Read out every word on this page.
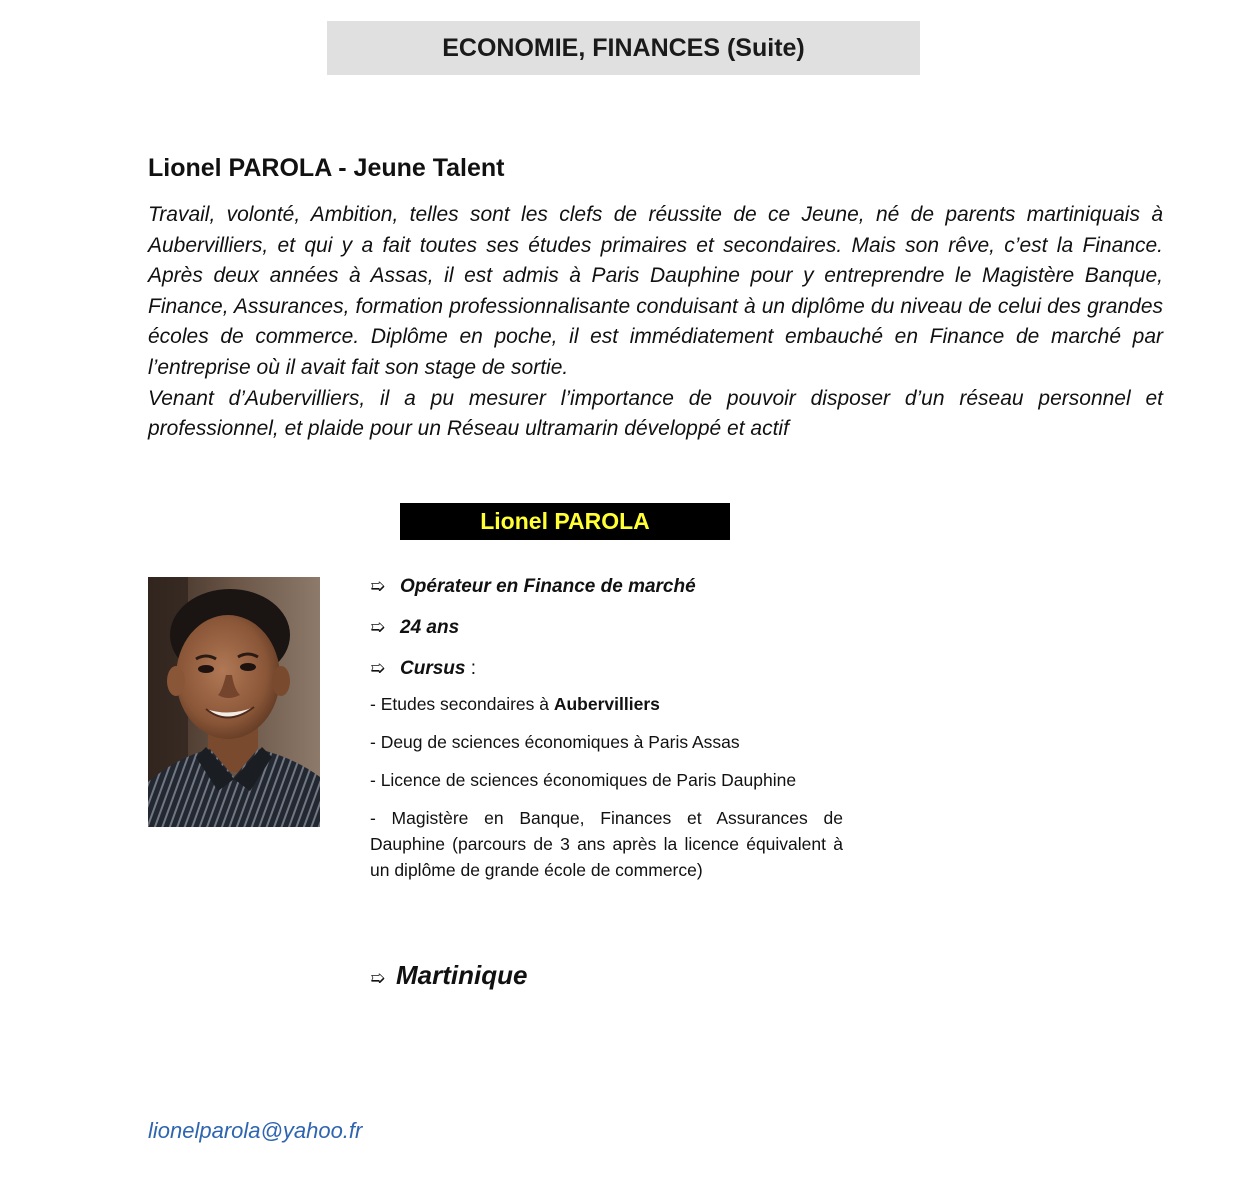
ECONOMIE, FINANCES (Suite)
Lionel PAROLA - Jeune Talent

Travail, volonté, Ambition, telles sont les clefs de réussite de ce Jeune, né de parents martiniquais à Aubervilliers, et qui y a fait toutes ses études primaires et secondaires. Mais son rêve, c’est la Finance. Après deux années à Assas, il est admis à Paris Dauphine pour y entreprendre le Magistère Banque, Finance, Assurances, formation professionnalisante conduisant à un diplôme du niveau de celui des grandes écoles de commerce. Diplôme en poche, il est immédiatement embauché en Finance de marché par l’entreprise où il avait fait son stage de sortie.

Venant d’Aubervilliers, il a pu mesurer l’importance de pouvoir disposer d’un réseau personnel et professionnel, et plaide pour un Réseau ultramarin développé et actif

Lionel PAROLA
➯ Opérateur en Finance de marché
➯ 24 ans
➯ Cursus
:
- Etudes secondaires à Aubervilliers
- Deug de sciences économiques à Paris Assas
- Licence de sciences économiques de Paris Dauphine
- Magistère en Banque, Finances et Assurances de Dauphine (parcours de 3 ans après la licence équivalent à un diplôme de grande école de commerce)
➯ Martinique
lionelparola@yahoo.fr
